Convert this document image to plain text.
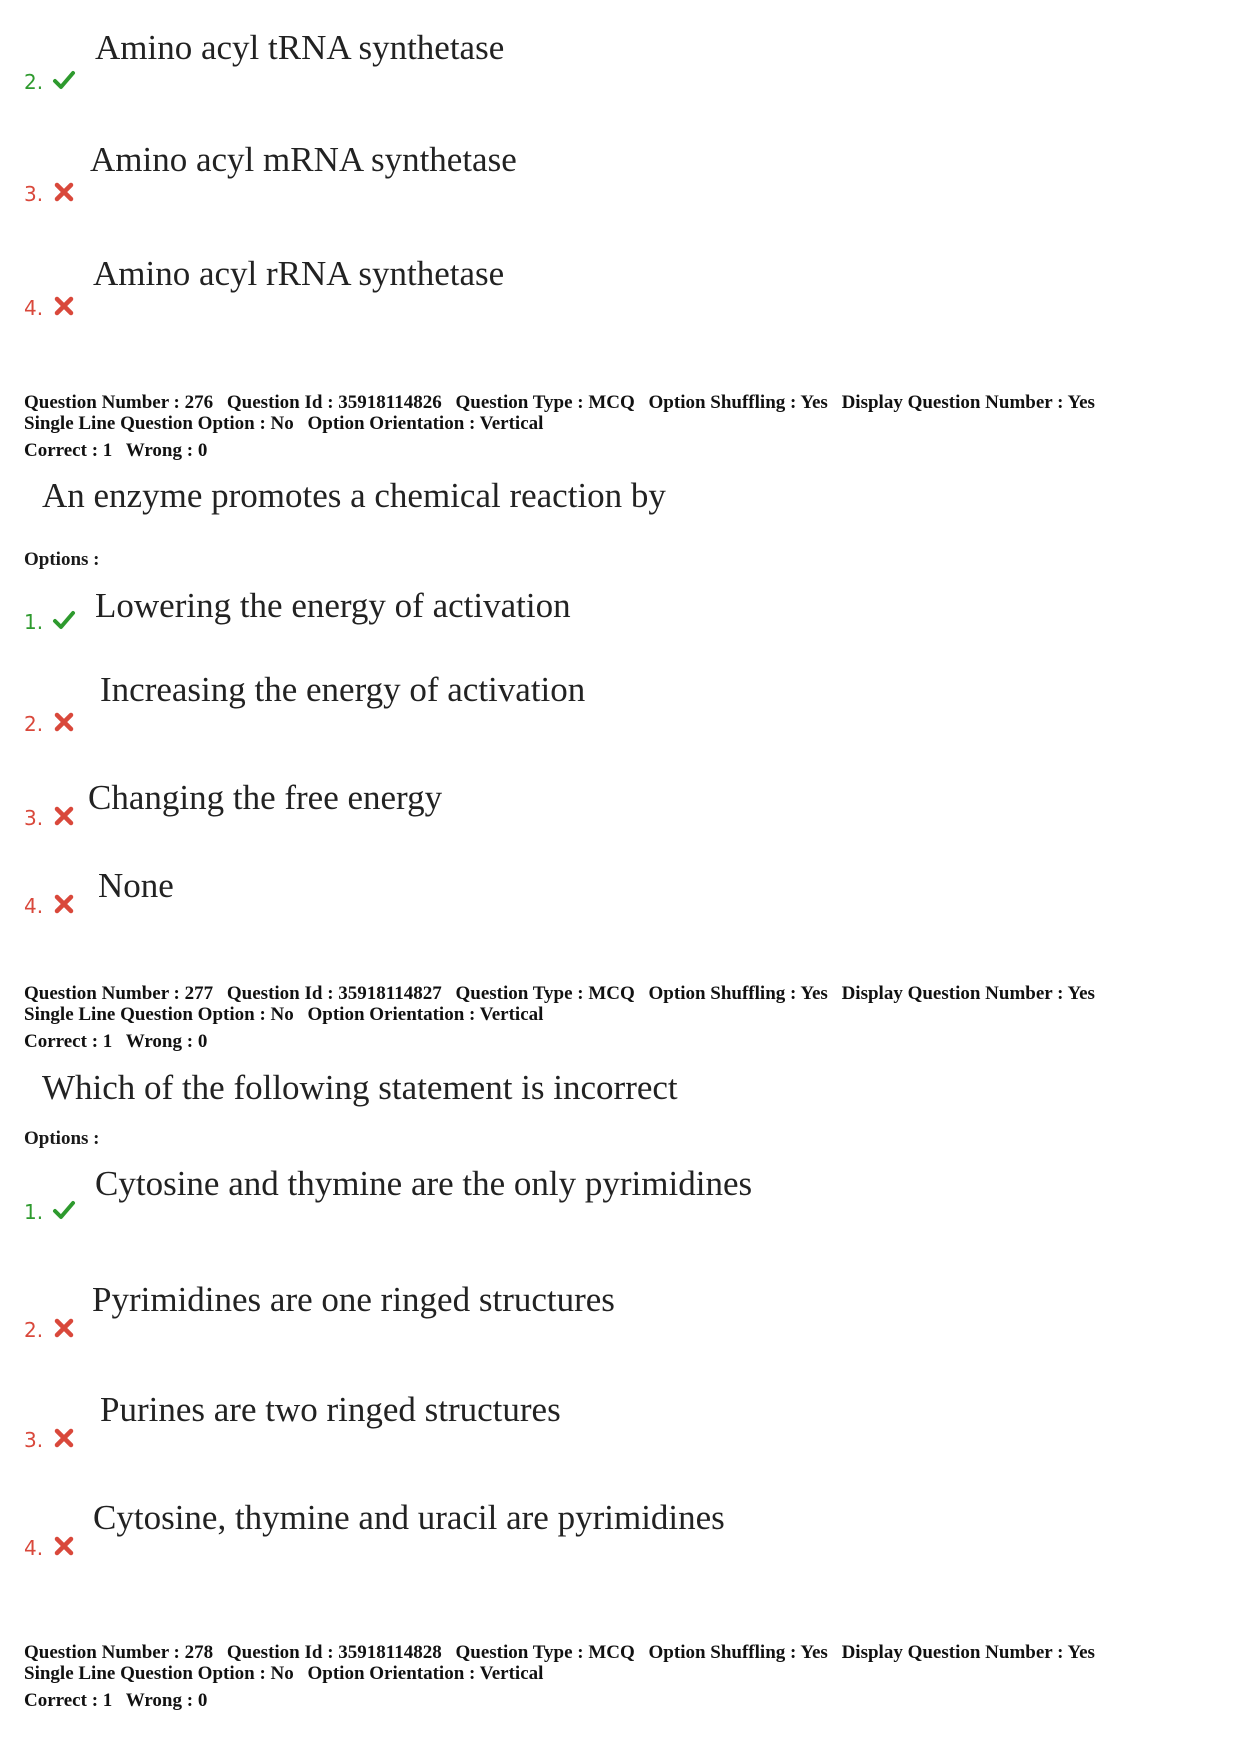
Amino acyl tRNA synthetase
2.
Amino acyl mRNA synthetase
3.
Amino acyl rRNA synthetase
4.
Question Number : 276 Question Id : 35918114826 Question Type : MCQ Option Shuffling : Yes Display Question Number : Yes
Single Line Question Option : No Option Orientation : Vertical
Correct : 1 Wrong : 0
An enzyme promotes a chemical reaction by
Options :
Lowering the energy of activation
1.
Increasing the energy of activation
2.
Changing the free energy
3.
None
4.
Question Number : 277 Question Id : 35918114827 Question Type : MCQ Option Shuffling : Yes Display Question Number : Yes
Single Line Question Option : No Option Orientation : Vertical
Correct : 1 Wrong : 0
Which of the following statement is incorrect
Options :
Cytosine and thymine are the only pyrimidines
1.
Pyrimidines are one ringed structures
2.
Purines are two ringed structures
3.
Cytosine, thymine and uracil are pyrimidines
4.
Question Number : 278 Question Id : 35918114828 Question Type : MCQ Option Shuffling : Yes Display Question Number : Yes
Single Line Question Option : No Option Orientation : Vertical
Correct : 1 Wrong : 0
